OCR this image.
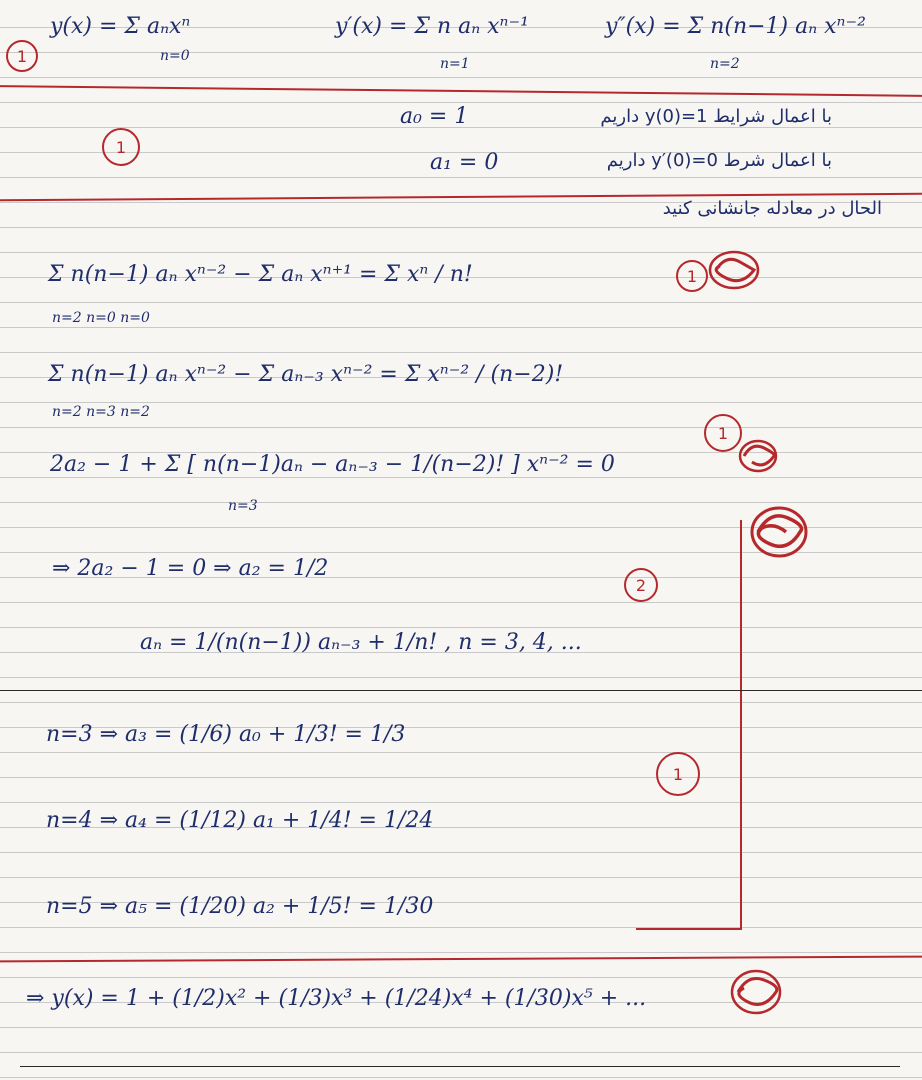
y(x) = Σ aₙxⁿ
n=0
y′(x) = Σ n aₙ xⁿ⁻¹
n=1
y″(x) = Σ n(n−1) aₙ xⁿ⁻²
n=2
1
با اعمال شرایط y(0)=1 داریم
a₀ = 1
با اعمال شرط y′(0)=0 داریم
a₁ = 0
1
الحال در معادله جانشانی کنید
Σ n(n−1) aₙ xⁿ⁻² − Σ aₙ xⁿ⁺¹ = Σ xⁿ / n!
n=2 n=0 n=0
1
Σ n(n−1) aₙ xⁿ⁻² − Σ aₙ₋₃ xⁿ⁻² = Σ xⁿ⁻² / (n−2)!
n=2 n=3 n=2
2a₂ − 1 + Σ [ n(n−1)aₙ − aₙ₋₃ − 1/(n−2)! ] xⁿ⁻² = 0
n=3
1
⇒ 2a₂ − 1 = 0 ⇒ a₂ = 1/2
aₙ = 1/(n(n−1)) aₙ₋₃ + 1/n! , n = 3, 4, ...
2
n=3 ⇒ a₃ = (1/6) a₀ + 1/3! = 1/3
n=4 ⇒ a₄ = (1/12) a₁ + 1/4! = 1/24
n=5 ⇒ a₅ = (1/20) a₂ + 1/5! = 1/30
1
⇒ y(x) = 1 + (1/2)x² + (1/3)x³ + (1/24)x⁴ + (1/30)x⁵ + ...
